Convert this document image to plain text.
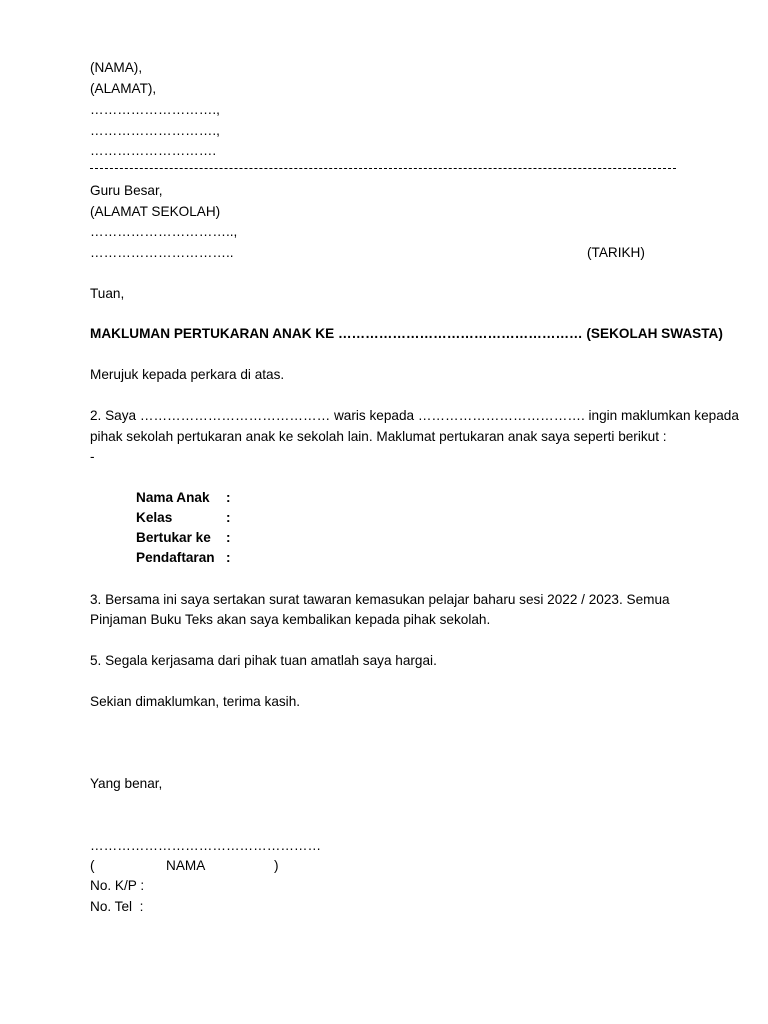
(NAMA),
(ALAMAT),
……………………….,
……………………….,
……………………….
Guru Besar,
(ALAMAT SEKOLAH)
…………………………..,
…………………………..	(TARIKH)
Tuan,
MAKLUMAN PERTUKARAN ANAK KE ……………………………………………… (SEKOLAH SWASTA)
Merujuk kepada perkara di atas.
2. Saya …………………………………… waris kepada ………………………………. ingin maklumkan kepada
pihak sekolah pertukaran anak ke sekolah lain. Maklumat pertukaran anak saya seperti berikut :
-
Nama Anak :
Kelas	:
Bertukar ke :
Pendaftaran :
3. Bersama ini saya sertakan surat tawaran kemasukan pelajar baharu sesi 2022 / 2023. Semua
Pinjaman Buku Teks akan saya kembalikan kepada pihak sekolah.
5. Segala kerjasama dari pihak tuan amatlah saya hargai.
Sekian dimaklumkan, terima kasih.
Yang benar,
……………………………………………
(	NAMA	)
No. K/P :
No. Tel  :
